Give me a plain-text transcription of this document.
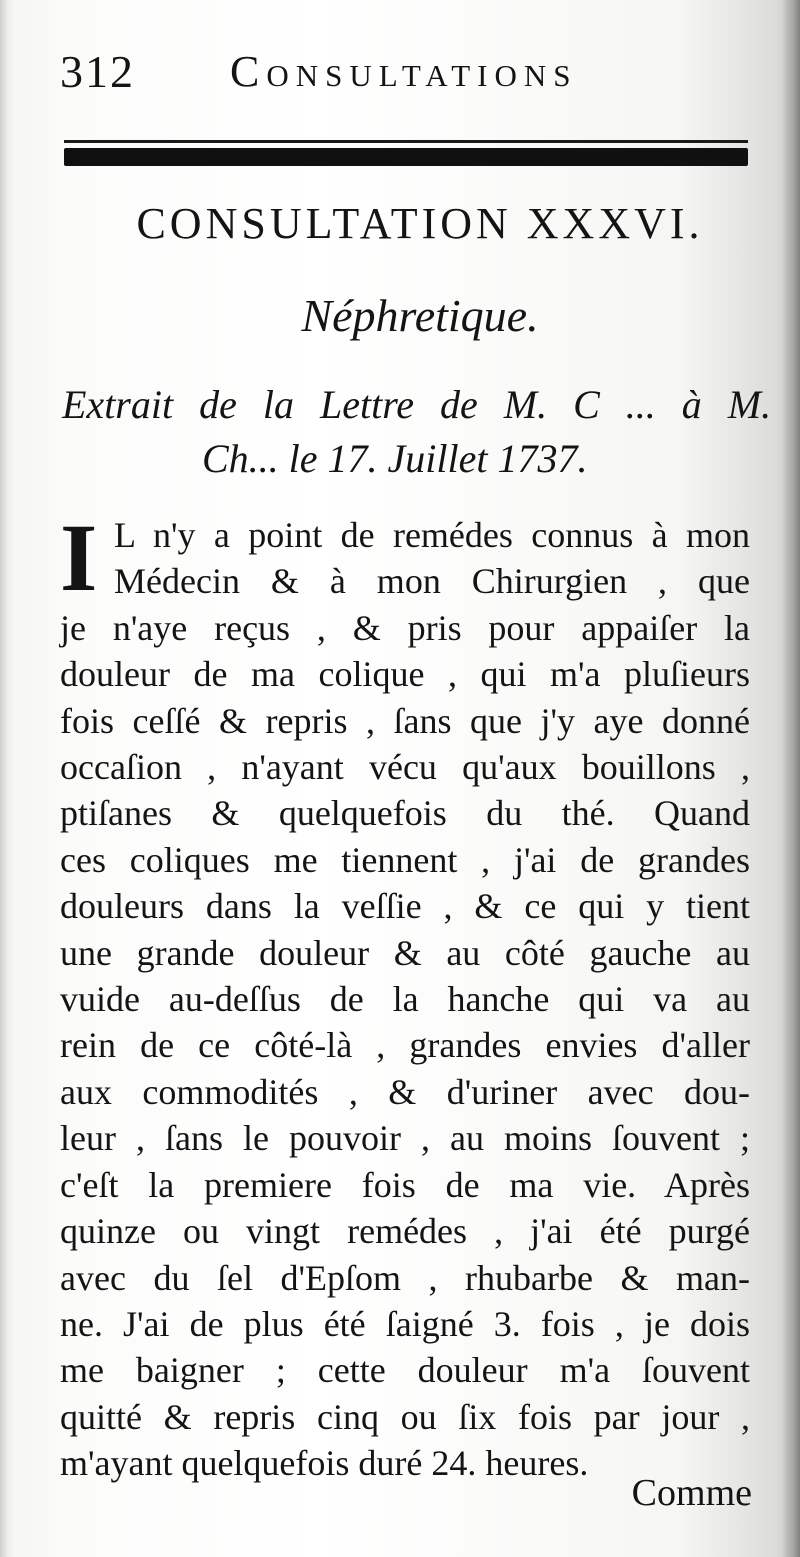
312 Consultations
CONSULTATION XXXVI.
Néphretique.
Extrait de la Lettre de M. C ... à M.
Ch... le 17. Juillet 1737.
I L n'y a point de remédes connus à mon
Médecin & à mon Chirurgien , que
je n'aye reçus , & pris pour appaiſer la
douleur de ma colique , qui m'a pluſieurs
fois ceſſé & repris , ſans que j'y aye donné
occaſion , n'ayant vécu qu'aux bouillons ,
ptiſanes & quelquefois du thé. Quand
ces coliques me tiennent , j'ai de grandes
douleurs dans la veſſie , & ce qui y tient
une grande douleur & au côté gauche au
vuide au-deſſus de la hanche qui va au
rein de ce côté-là , grandes envies d'aller
aux commodités , & d'uriner avec dou-
leur , ſans le pouvoir , au moins ſouvent ;
c'eſt la premiere fois de ma vie. Après
quinze ou vingt remédes , j'ai été purgé
avec du ſel d'Epſom , rhubarbe & man-
ne. J'ai de plus été ſaigné 3. fois , je dois
me baigner ; cette douleur m'a ſouvent
quitté & repris cinq ou ſix fois par jour ,
m'ayant quelquefois duré 24. heures.
Comme
